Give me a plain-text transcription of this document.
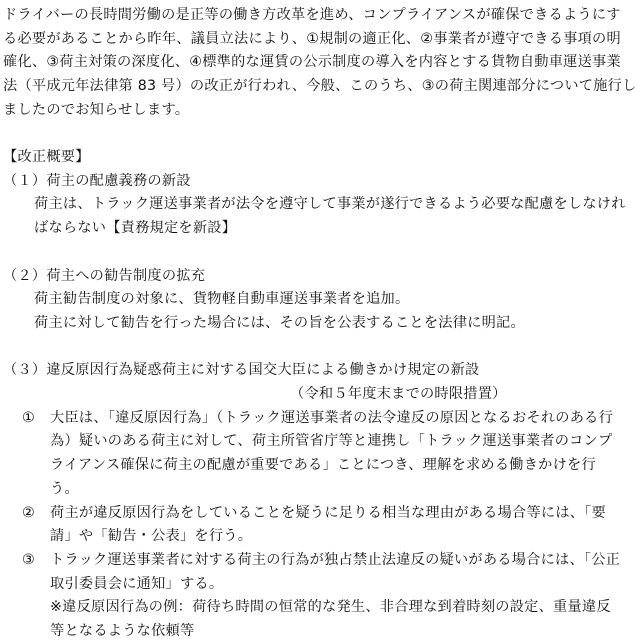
ドライバーの長時間労働の是正等の働き方改革を進め、コンプライアンスが確保できるようにす
る必要があることから昨年、議員立法により、①規制の適正化、②事業者が遵守できる事項の明
確化、③荷主対策の深度化、④標準的な運賃の公示制度の導入を内容とする貨物自動車運送事業
法（平成元年法律第 83 号）の改正が行われ、今般、このうち、③の荷主関連部分について施行し
ましたのでお知らせします。
【改正概要】
（１）荷主の配慮義務の新設
荷主は、トラック運送事業者が法令を遵守して事業が遂行できるよう必要な配慮をしなけれ
ばならない【責務規定を新設】
（２）荷主への勧告制度の拡充
荷主勧告制度の対象に、貨物軽自動車運送事業者を追加。
荷主に対して勧告を行った場合には、その旨を公表することを法律に明記。
（３）違反原因行為疑惑荷主に対する国交大臣による働きかけ規定の新設
（令和５年度末までの時限措置）
① 大臣は、「違反原因行為」（トラック運送事業者の法令違反の原因となるおそれのある行
為）疑いのある荷主に対して、荷主所管省庁等と連携し「トラック運送事業者のコンプ
ライアンス確保に荷主の配慮が重要である」ことにつき、理解を求める働きかけを行
う。
② 荷主が違反原因行為をしていることを疑うに足りる相当な理由がある場合等には、「要
請」や「勧告・公表」を行う。
③ トラック運送事業者に対する荷主の行為が独占禁止法違反の疑いがある場合には、「公正
取引委員会に通知」する。
※違反原因行為の例：荷待ち時間の恒常的な発生、非合理な到着時刻の設定、重量違反
等となるような依頼等
